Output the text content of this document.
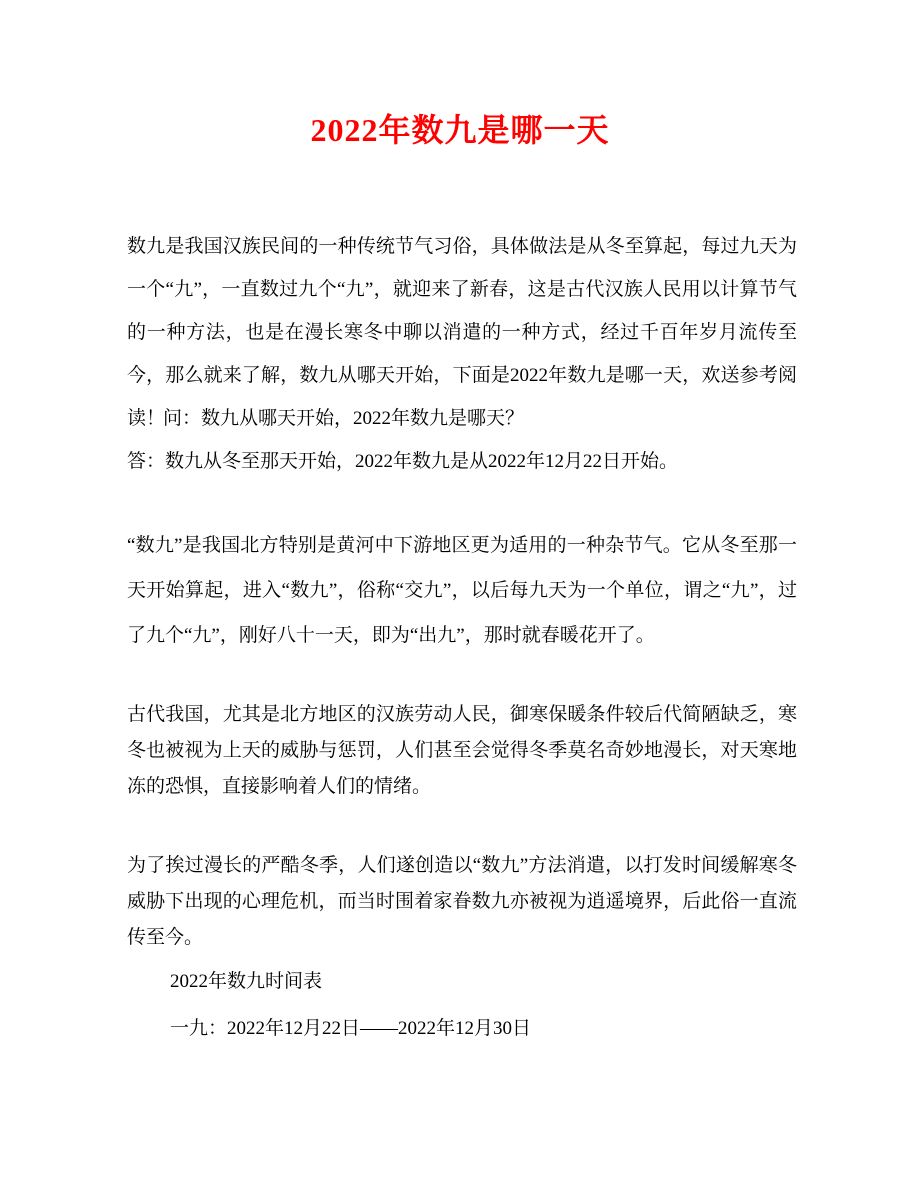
2022年数九是哪一天
数九是我国汉族民间的一种传统节气习俗，具体做法是从冬至算起，每过九天为一个“九”，一直数过九个“九”，就迎来了新春，这是古代汉族人民用以计算节气的一种方法，也是在漫长寒冬中聊以消遣的一种方式，经过千百年岁月流传至今，那么就来了解，数九从哪天开始，下面是2022年数九是哪一天，欢送参考阅读！
问：数九从哪天开始，2022年数九是哪天？
答：数九从冬至那天开始，2022年数九是从2022年12月22日开始。
“数九”是我国北方特别是黄河中下游地区更为适用的一种杂节气。它从冬至那一天开始算起，进入“数九”，俗称“交九”，以后每九天为一个单位，谓之“九”，过了九个“九”，刚好八十一天，即为“出九”，那时就春暖花开了。
古代我国，尤其是北方地区的汉族劳动人民，御寒保暖条件较后代简陋缺乏，寒冬也被视为上天的威胁与惩罚，人们甚至会觉得冬季莫名奇妙地漫长，对天寒地冻的恐惧，直接影响着人们的情绪。
为了挨过漫长的严酷冬季，人们遂创造以“数九”方法消遣，以打发时间缓解寒冬威胁下出现的心理危机，而当时围着家眷数九亦被视为逍遥境界，后此俗一直流传至今。
2022年数九时间表
一九：2022年12月22日——2022年12月30日
